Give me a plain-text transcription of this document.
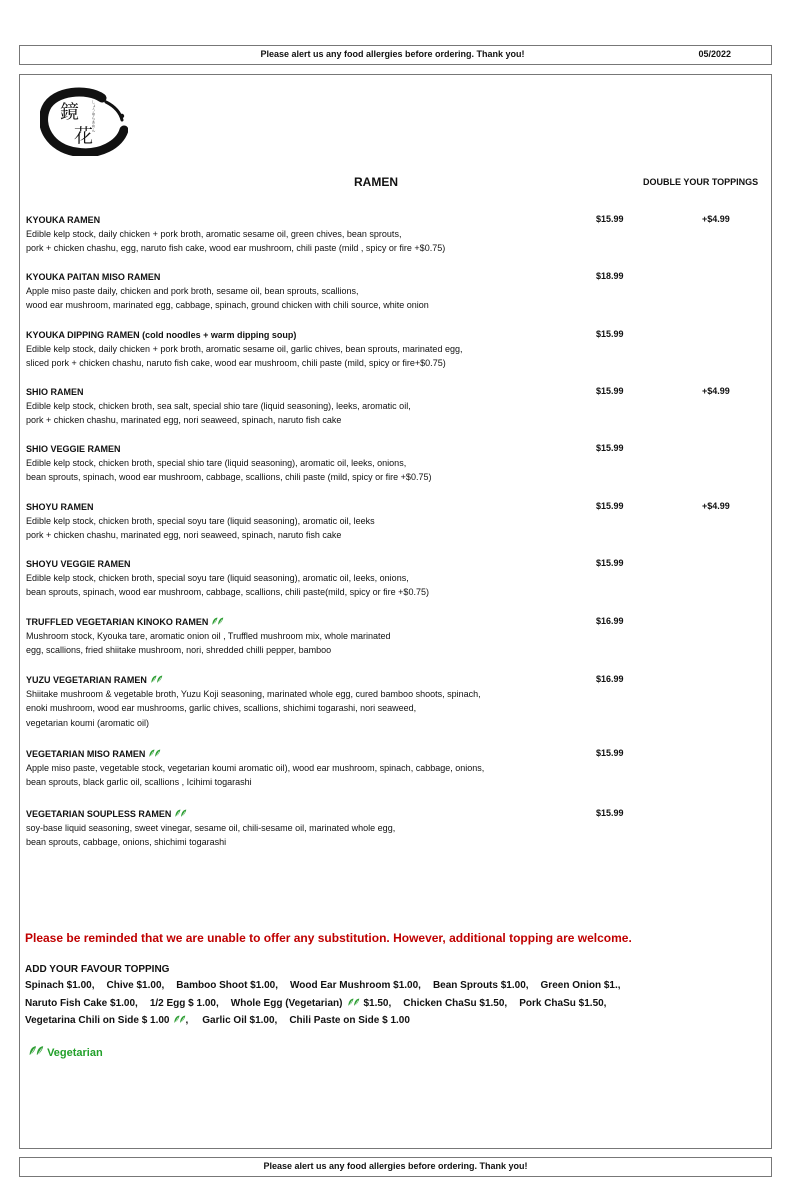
Please alert us any food allergies before ordering. Thank you!	05/2022
鏡
花
しょうゆらあめん
RAMEN	DOUBLE YOUR TOPPINGS
KYOUKA RAMEN
Edible kelp stock, daily chicken + pork broth, aromatic sesame oil, green chives, bean sprouts,
pork + chicken chashu, egg, naruto fish cake, wood ear mushroom, chili paste (mild , spicy or fire +$0.75)
$15.99	+$4.99
KYOUKA PAITAN MISO RAMEN
Apple miso paste daily, chicken and pork broth, sesame oil, bean sprouts, scallions,
wood ear mushroom, marinated egg, cabbage, spinach, ground chicken with chili source, white onion
$18.99
KYOUKA DIPPING RAMEN (cold noodles + warm dipping soup)
Edible kelp stock, daily chicken + pork broth, aromatic sesame oil, garlic chives, bean sprouts, marinated egg,
sliced pork + chicken chashu, naruto fish cake, wood ear mushroom, chili paste (mild, spicy or fire+$0.75)
$15.99
SHIO RAMEN
Edible kelp stock, chicken broth, sea salt, special shio tare (liquid seasoning), leeks, aromatic oil,
pork + chicken chashu, marinated egg, nori seaweed, spinach, naruto fish cake
$15.99	+$4.99
SHIO VEGGIE RAMEN
Edible kelp stock, chicken broth, special shio tare (liquid seasoning), aromatic oil, leeks, onions,
bean sprouts, spinach, wood ear mushroom, cabbage, scallions, chili paste (mild, spicy or fire +$0.75)
$15.99
SHOYU RAMEN
Edible kelp stock, chicken broth, special soyu tare (liquid seasoning), aromatic oil, leeks
pork + chicken chashu, marinated egg, nori seaweed, spinach, naruto fish cake
$15.99	+$4.99
SHOYU VEGGIE RAMEN
Edible kelp stock, chicken broth, special soyu tare (liquid seasoning), aromatic oil, leeks, onions,
bean sprouts, spinach, wood ear mushroom, cabbage, scallions, chili paste(mild, spicy or fire +$0.75)
$15.99
TRUFFLED VEGETARIAN KINOKO RAMEN
Mushroom stock, Kyouka tare, aromatic onion oil , Truffled mushroom mix, whole marinated
egg, scallions, fried shiitake mushroom, nori, shredded chilli pepper, bamboo
$16.99
YUZU VEGETARIAN RAMEN
Shiitake mushroom & vegetable broth, Yuzu Koji seasoning, marinated whole egg, cured bamboo shoots, spinach,
enoki mushroom, wood ear mushrooms, garlic chives, scallions, shichimi togarashi, nori seaweed,
vegetarian koumi (aromatic oil)
$16.99
VEGETARIAN MISO RAMEN
Apple miso paste, vegetable stock, vegetarian koumi aromatic oil), wood ear mushroom, spinach, cabbage, onions,
bean sprouts, black garlic oil, scallions , Icihimi togarashi
$15.99
VEGETARIAN SOUPLESS RAMEN
soy-base liquid seasoning, sweet vinegar, sesame oil, chili-sesame oil, marinated whole egg,
bean sprouts, cabbage, onions, shichimi togarashi
$15.99
Please be reminded that we are unable to offer any substitution. However, additional topping are welcome.
ADD YOUR FAVOUR TOPPING
Spinach $1.00, Chive $1.00, Bamboo Shoot $1.00, Wood Ear Mushroom $1.00, Bean Sprouts $1.00, Green Onion $1.,
Naruto Fish Cake $1.00, 1/2 Egg $ 1.00, Whole Egg (Vegetarian) $1.50, Chicken ChaSu $1.50, Pork ChaSu $1.50,
Vegetarina Chili on Side $ 1.00 , Garlic Oil $1.00, Chili Paste on Side $ 1.00
Vegetarian
Please alert us any food allergies before ordering. Thank you!
